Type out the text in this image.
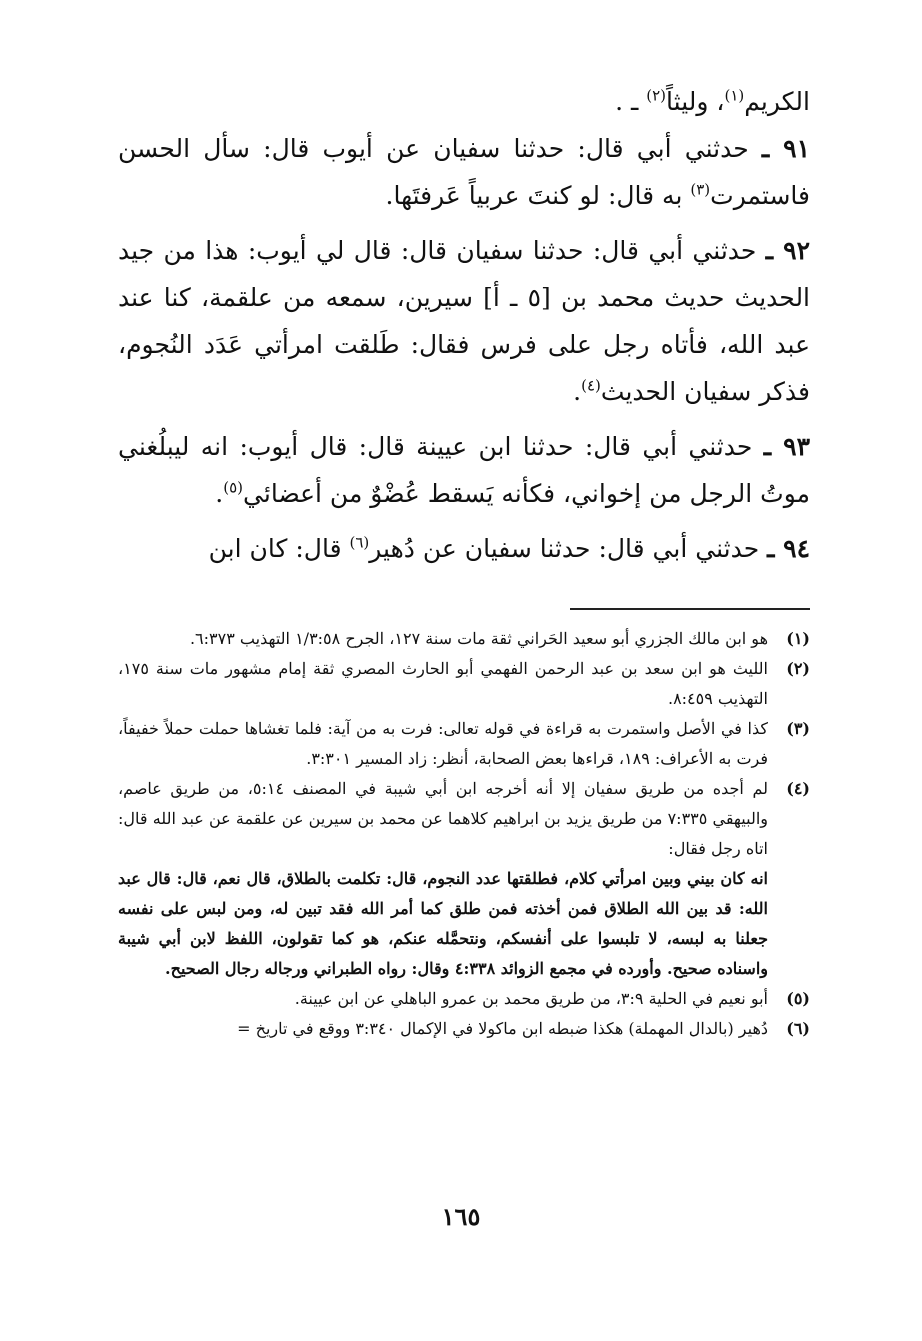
الكريم$^{(١)}$، وليثاً$^{(٢)}$ ـ .
٩١ ـ حدثني أبي قال: حدثنا سفيان عن أيوب قال: سأل الحسن فاستمرت$^{(٣)}$ به قال: لو كنتَ عربياً عَرفتَها.
٩٢ ـ حدثني أبي قال: حدثنا سفيان قال: قال لي أيوب: هذا من جيد الحديث حديث محمد بن [٥ ـ أ] سيرين، سمعه من علقمة، كنا عند عبد الله، فأتاه رجل على فرس فقال: طَلقت امرأتي عَدَد النُجوم، فذكر سفيان الحديث$^{(٤)}$.
٩٣ ـ حدثني أبي قال: حدثنا ابن عيينة قال: قال أيوب: انه ليبلُغني موتُ الرجل من إخواني، فكأنه يَسقط عُضْوٌ من أعضائي$^{(٥)}$.
٩٤ ـ حدثني أبي قال: حدثنا سفيان عن دُهير$^{(٦)}$ قال: كان ابن
(١)
هو ابن مالك الجزري أبو سعيد الحَراني ثقة مات سنة ١٢٧، الجرح ١/٣:٥٨ التهذيب ٦:٣٧٣.
(٢)
الليث هو ابن سعد بن عبد الرحمن الفهمي أبو الحارث المصري ثقة إمام مشهور مات سنة ١٧٥، التهذيب ٨:٤٥٩.
(٣)
كذا في الأصل واستمرت به قراءة في قوله تعالى: فرت به من آية: فلما تغشاها حملت حملاً خفيفاً، فرت به الأعراف: ١٨٩، قراءها بعض الصحابة، أنظر: زاد المسير ٣:٣٠١.
(٤)
لم أجده من طريق سفيان إلا أنه أخرجه ابن أبي شيبة في المصنف ٥:١٤، من طريق عاصم، والبيهقي ٧:٣٣٥ من طريق يزيد بن ابراهيم كلاهما عن محمد بن سيرين عن علقمة عن عبد الله قال: اتاه رجل فقال:
انه كان بيني وبين امرأتي كلام، فطلقتها عدد النجوم، قال: تكلمت بالطلاق، قال نعم، قال: قال عبد الله: قد بين الله الطلاق فمن أخذته فمن طلق كما أمر الله فقد تبين له، ومن لبس على نفسه جعلنا به لبسه، لا تلبسوا على أنفسكم، ونتحمَّله عنكم، هو كما تقولون، اللفظ لابن أبي شيبة واسناده صحيح. وأورده في مجمع الزوائد ٤:٣٣٨ وقال: رواه الطبراني ورجاله رجال الصحيح.
(٥)
أبو نعيم في الحلية ٣:٩، من طريق محمد بن عمرو الباهلي عن ابن عيينة.
(٦)
دُهير (بالدال المهملة) هكذا ضبطه ابن ماكولا في الإكمال ٣:٣٤٠ ووقع في تاريخ =
١٦٥
